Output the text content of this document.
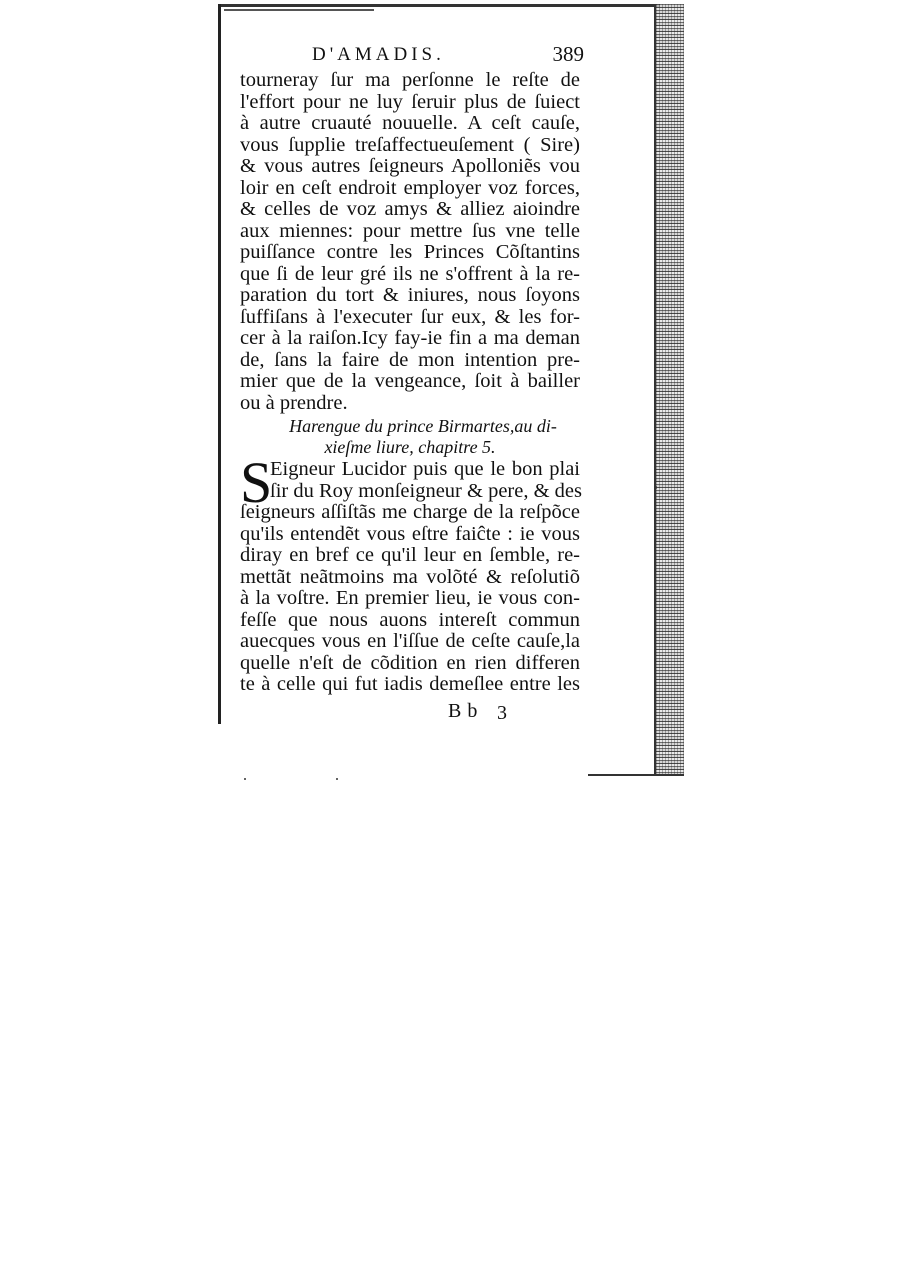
D'AMADIS.	389
tourneray ſur ma perſonne le reſte de
l'effort pour ne luy ſeruir plus de ſuiect
à autre cruauté nouuelle. A ceſt cauſe,
vous ſupplie treſaffectueuſement ( Sire)
& vous autres ſeigneurs Apolloniẽs vou
loir en ceſt endroit employer voz forces,
& celles de voz amys & alliez aioindre
aux miennes: pour mettre ſus vne telle
puiſſance contre les Princes Cõſtantins
que ſi de leur gré ils ne s'offrent à la re-
paration du tort & iniures, nous ſoyons
ſuffiſans à l'executer ſur eux, & les for-
cer à la raiſon.Icy fay-ie fin a ma deman
de, ſans la faire de mon intention pre-
mier que de la vengeance, ſoit à bailler
ou à prendre.
Harengue du prince Birmartes,au di-
xieſme liure, chapitre 5.
S
Eigneur Lucidor puis que le bon plai
ſir du Roy monſeigneur & pere, & des
ſeigneurs aſſiſtãs me charge de la reſpõce
qu'ils entendẽt vous eſtre faiĉte : ie vous
diray en bref ce qu'il leur en ſemble, re-
mettãt neãtmoins ma volõté & reſolutiõ
à la voſtre. En premier lieu, ie vous con-
feſſe que nous auons intereſt commun
auecques vous en l'iſſue de ceſte cauſe,la
quelle n'eſt de cõdition en rien differen
te à celle qui fut iadis demeſlee entre les
Bb 3
